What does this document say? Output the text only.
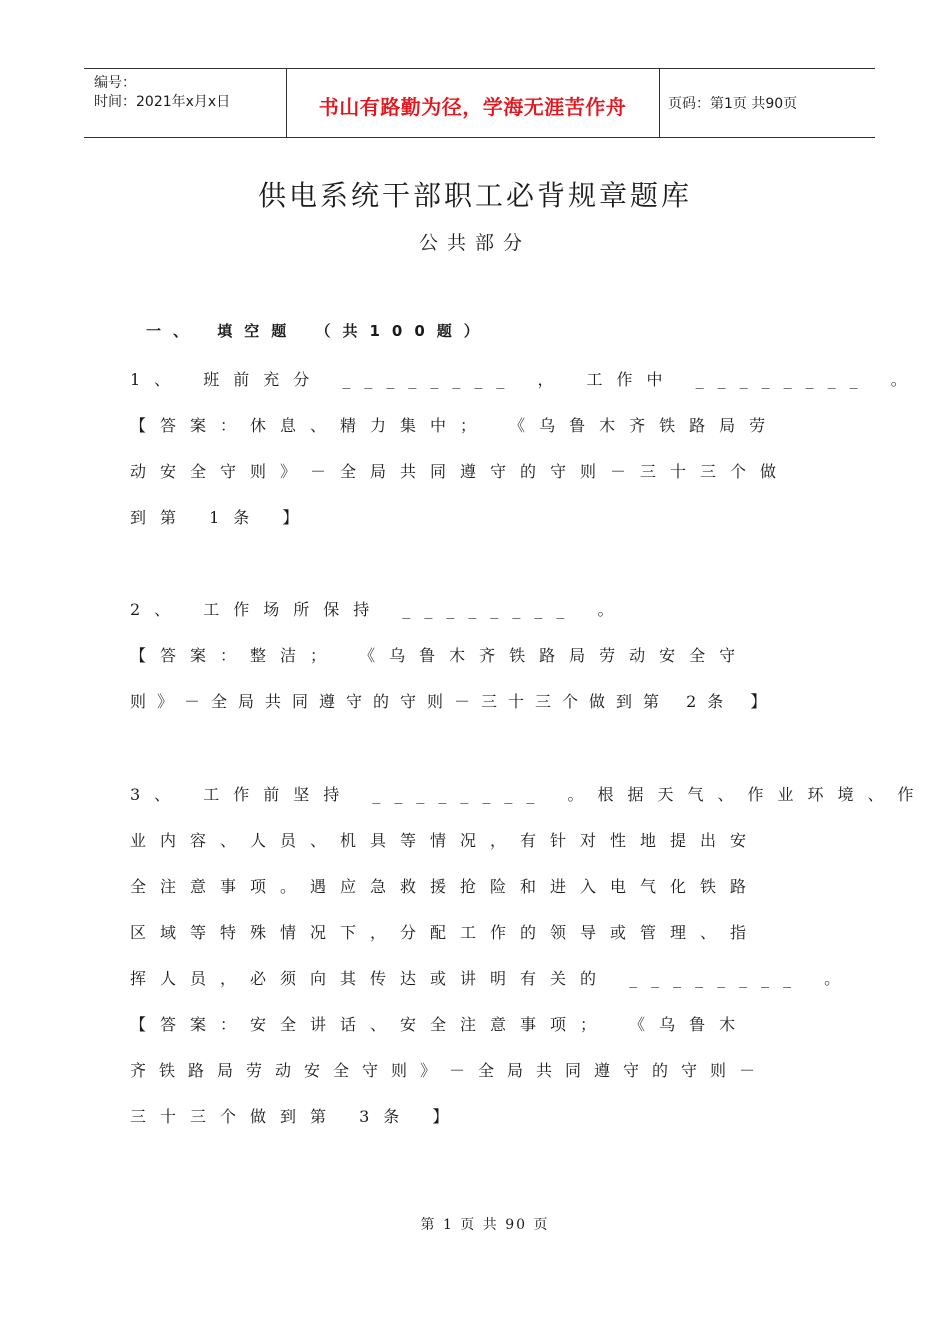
编号：
时间：2021年x月x日	书山有路勤为径，学海无涯苦作舟	页码：第1页 共90页
供电系统干部职工必背规章题库
公共部分
一、 填空题 （共100题）
1、 班前充分 ________ ， 工作中 ________ 。
【答案：休息、精力集中； 《乌鲁木齐铁路局劳
动安全守则》－全局共同遵守的守则－三十三个做
到第 1条 】
2、 工作场所保持 ________ 。
【答案：整洁； 《乌鲁木齐铁路局劳动安全守
则》－全局共同遵守的守则－三十三个做到第 2条 】
3、 工作前坚持 ________ 。根据天气、作业环境、作
业内容、人员、机具等情况，有针对性地提出安
全注意事项。遇应急救援抢险和进入电气化铁路
区域等特殊情况下，分配工作的领导或管理、指
挥人员，必须向其传达或讲明有关的 ________ 。
【答案：安全讲话、安全注意事项； 《乌鲁木
齐铁路局劳动安全守则》－全局共同遵守的守则－
三十三个做到第 3条 】
第 1 页 共 90 页
